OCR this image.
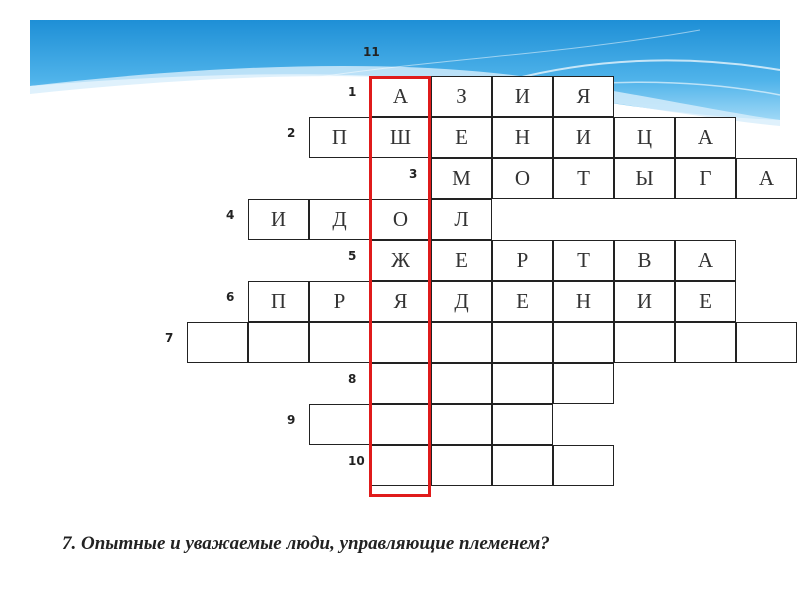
1	А	З	И	Я
2	П	Ш	Е	Н	И	Ц	А
3	М	О	Т	Ы	Г	А
4	И	Д	О	Л
5	Ж	Е	Р	Т	В	А
6	П	Р	Я	Д	Е	Н	И	Е
7
8
9
10
11
7. Опытные и уважаемые люди, управляющие племенем?
